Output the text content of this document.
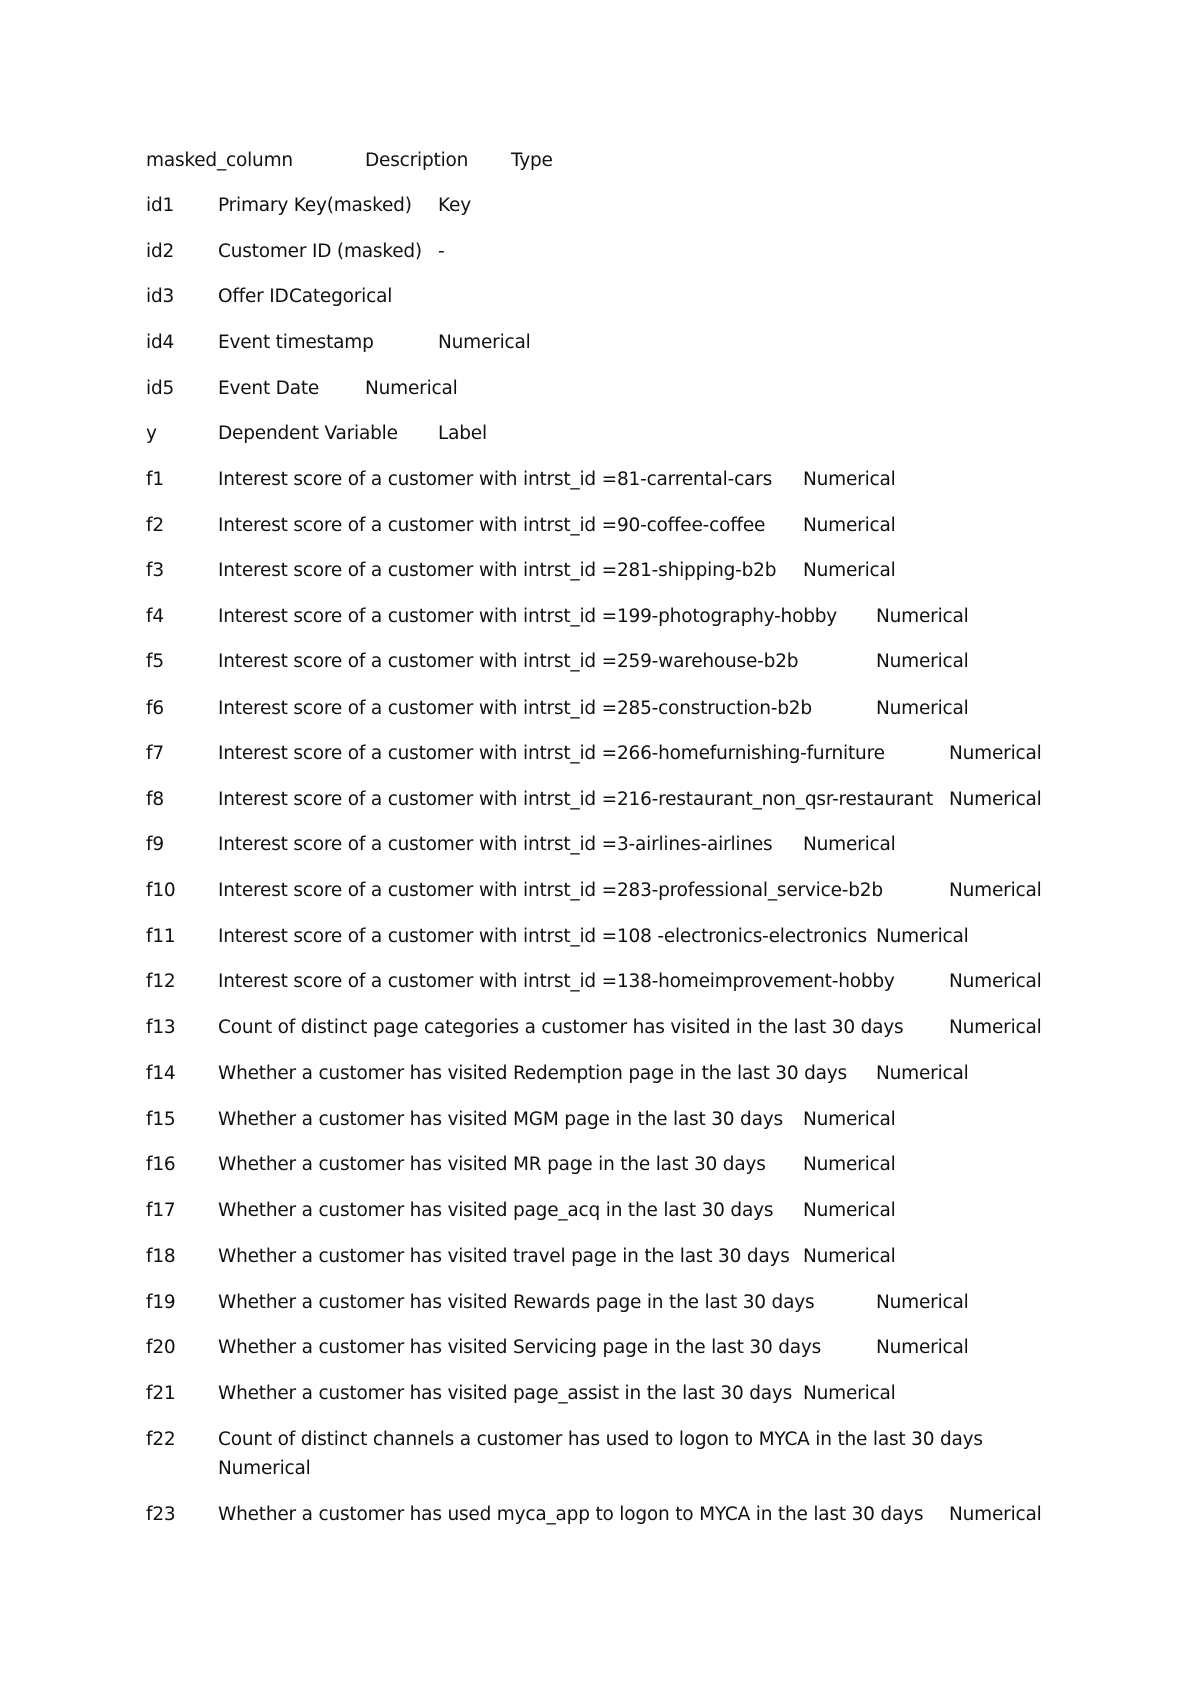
masked_column	Description Type
id1 Primary Key(masked) Key
id2 Customer ID (masked) -
id3 Offer ID Categorical
id4 Event timestamp	Numerical
id5 Event Date Numerical
y	Dependent Variable Label
f1	Interest score of a customer with intrst_id =81-carrental-cars Numerical
f2	Interest score of a customer with intrst_id =90-coffee-coffee Numerical
f3	Interest score of a customer with intrst_id =281-shipping-b2b Numerical
f4	Interest score of a customer with intrst_id =199-photography-hobby Numerical
f5	Interest score of a customer with intrst_id =259-warehouse-b2b	Numerical
f6	Interest score of a customer with intrst_id =285-construction-b2b	Numerical
f7	Interest score of a customer with intrst_id =266-homefurnishing-furniture	Numerical
f8	Interest score of a customer with intrst_id =216-restaurant_non_qsr-restaurant Numerical
f9	Interest score of a customer with intrst_id =3-airlines-airlines Numerical
f10 Interest score of a customer with intrst_id =283-professional_service-b2b	Numerical
f11 Interest score of a customer with intrst_id =108 -electronics-electronics Numerical
f12 Interest score of a customer with intrst_id =138-homeimprovement-hobby	Numerical
f13 Count of distinct page categories a customer has visited in the last 30 days Numerical
f14 Whether a customer has visited Redemption page in the last 30 days Numerical
f15 Whether a customer has visited MGM page in the last 30 days Numerical
f16 Whether a customer has visited MR page in the last 30 days Numerical
f17 Whether a customer has visited page_acq in the last 30 days Numerical
f18 Whether a customer has visited travel page in the last 30 days Numerical
f19 Whether a customer has visited Rewards page in the last 30 days	Numerical
f20 Whether a customer has visited Servicing page in the last 30 days	Numerical
f21 Whether a customer has visited page_assist in the last 30 days Numerical
f22 Count of distinct channels a customer has used to logon to MYCA in the last 30 days
Numerical
f23 Whether a customer has used myca_app to logon to MYCA in the last 30 days Numerical
